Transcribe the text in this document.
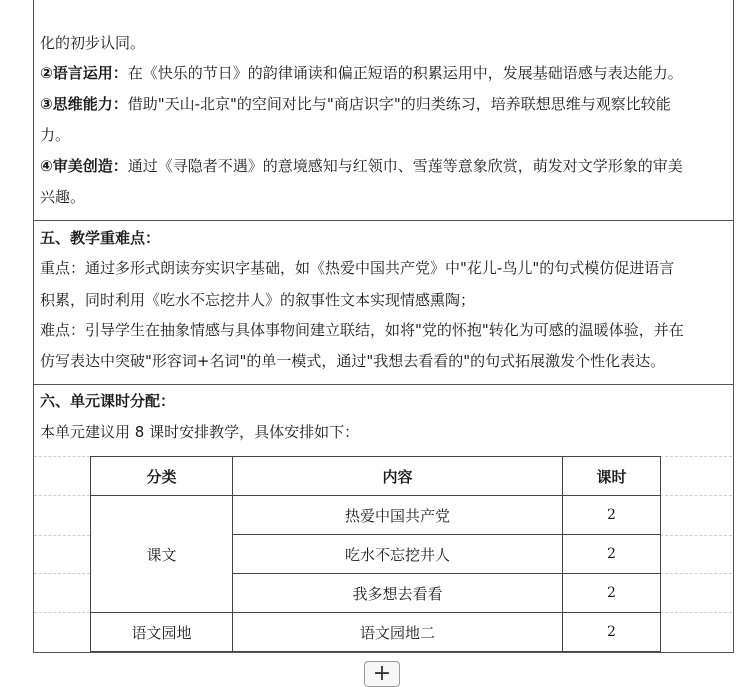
化的初步认同。
②语言运用：在《快乐的节日》的韵律诵读和偏正短语的积累运用中，发展基础语感与表达能力。
③思维能力：借助"天山-北京"的空间对比与"商店识字"的归类练习，培养联想思维与观察比较能
力。
④审美创造：通过《寻隐者不遇》的意境感知与红领巾、雪莲等意象欣赏，萌发对文学形象的审美
兴趣。
五、教学重难点：
重点：通过多形式朗读夯实识字基础，如《热爱中国共产党》中"花儿-鸟儿"的句式模仿促进语言
积累，同时利用《吃水不忘挖井人》的叙事性文本实现情感熏陶；
难点：引导学生在抽象情感与具体事物间建立联结，如将"党的怀抱"转化为可感的温暖体验，并在
仿写表达中突破"形容词+名词"的单一模式，通过"我想去看看的"的句式拓展激发个性化表达。
六、单元课时分配：
本单元建议用 8 课时安排教学，具体安排如下：
分类	内容	课时
课文	热爱中国共产党	2
	吃水不忘挖井人	2
	我多想去看看	2
语文园地	语文园地二	2
+
